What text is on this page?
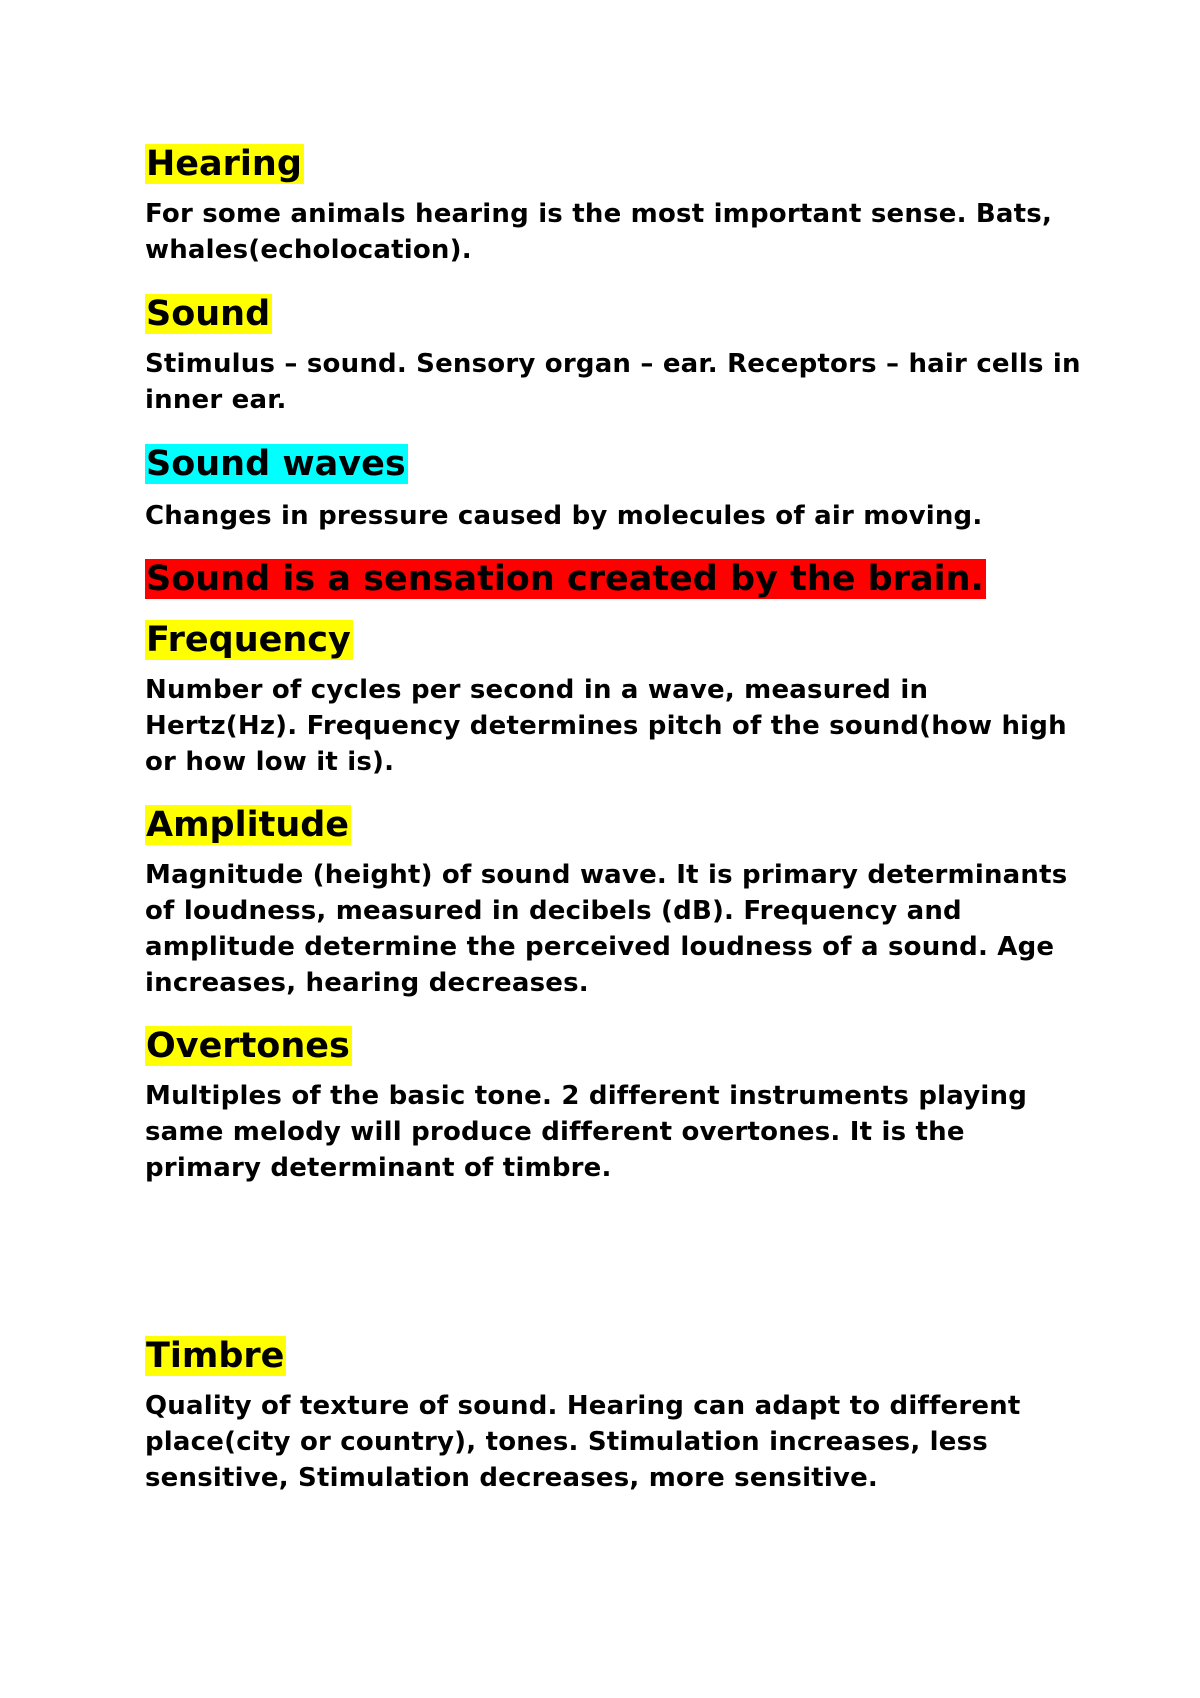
Hearing

For some animals hearing is the most important sense. Bats, whales(echolocation).

Sound

Stimulus – sound. Sensory organ – ear. Receptors – hair cells in inner ear.

Sound waves

Changes in pressure caused by molecules of air moving.

Sound is a sensation created by the brain.
Frequency

Number of cycles per second in a wave, measured in Hertz(Hz). Frequency determines pitch of the sound(how high or how low it is).

Amplitude

Magnitude (height) of sound wave. It is primary determinants of loudness, measured in decibels (dB). Frequency and amplitude determine the perceived loudness of a sound. Age increases, hearing decreases.

Overtones

Multiples of the basic tone. 2 different instruments playing same melody will produce different overtones. It is the primary determinant of timbre.

Timbre

Quality of texture of sound. Hearing can adapt to different place(city or country), tones. Stimulation increases, less sensitive, Stimulation decreases, more sensitive.
